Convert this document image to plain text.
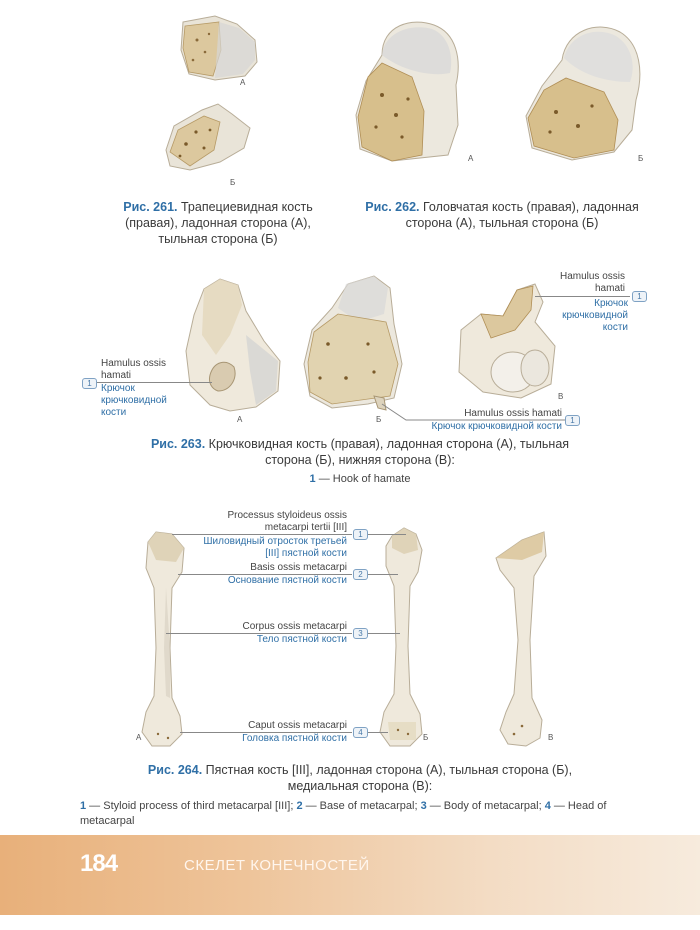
А
Б
Рис. 261. Трапециевидная кость (правая), ладонная сторона (А), тыльная сторона (Б)
А	Б
Рис. 262. Головчатая кость (правая), ладонная сторона (А), тыльная сторона (Б)
А	Б
В
Hamulus ossis hamati
1 Крючок крючковидной кости
Hamulus ossis hamati
1
Крючок крючковидной кости
Hamulus ossis hamati
1
Крючок крючковидной кости
Рис. 263. Крючковидная кость (правая), ладонная сторона (А), тыльная сторона (Б), нижняя сторона (В):
1 — Hook of hamate
А	Б	В
Processus styloideus ossis metacarpi tertii [III]
1
Шиловидный отросток третьей [III] пястной кости
Basis ossis metacarpi
2
Основание пястной кости
Corpus ossis metacarpi
3
Тело пястной кости
Caput ossis metacarpi
4
Головка пястной кости
Рис. 264. Пястная кость [III], ладонная сторона (А), тыльная сторона (Б), медиальная сторона (В):
1 — Styloid process of third metacarpal [III]; 2 — Base of metacarpal; 3 — Body of metacarpal; 4 — Head of metacarpal
184	СКЕЛЕТ КОНЕЧНОСТЕЙ
